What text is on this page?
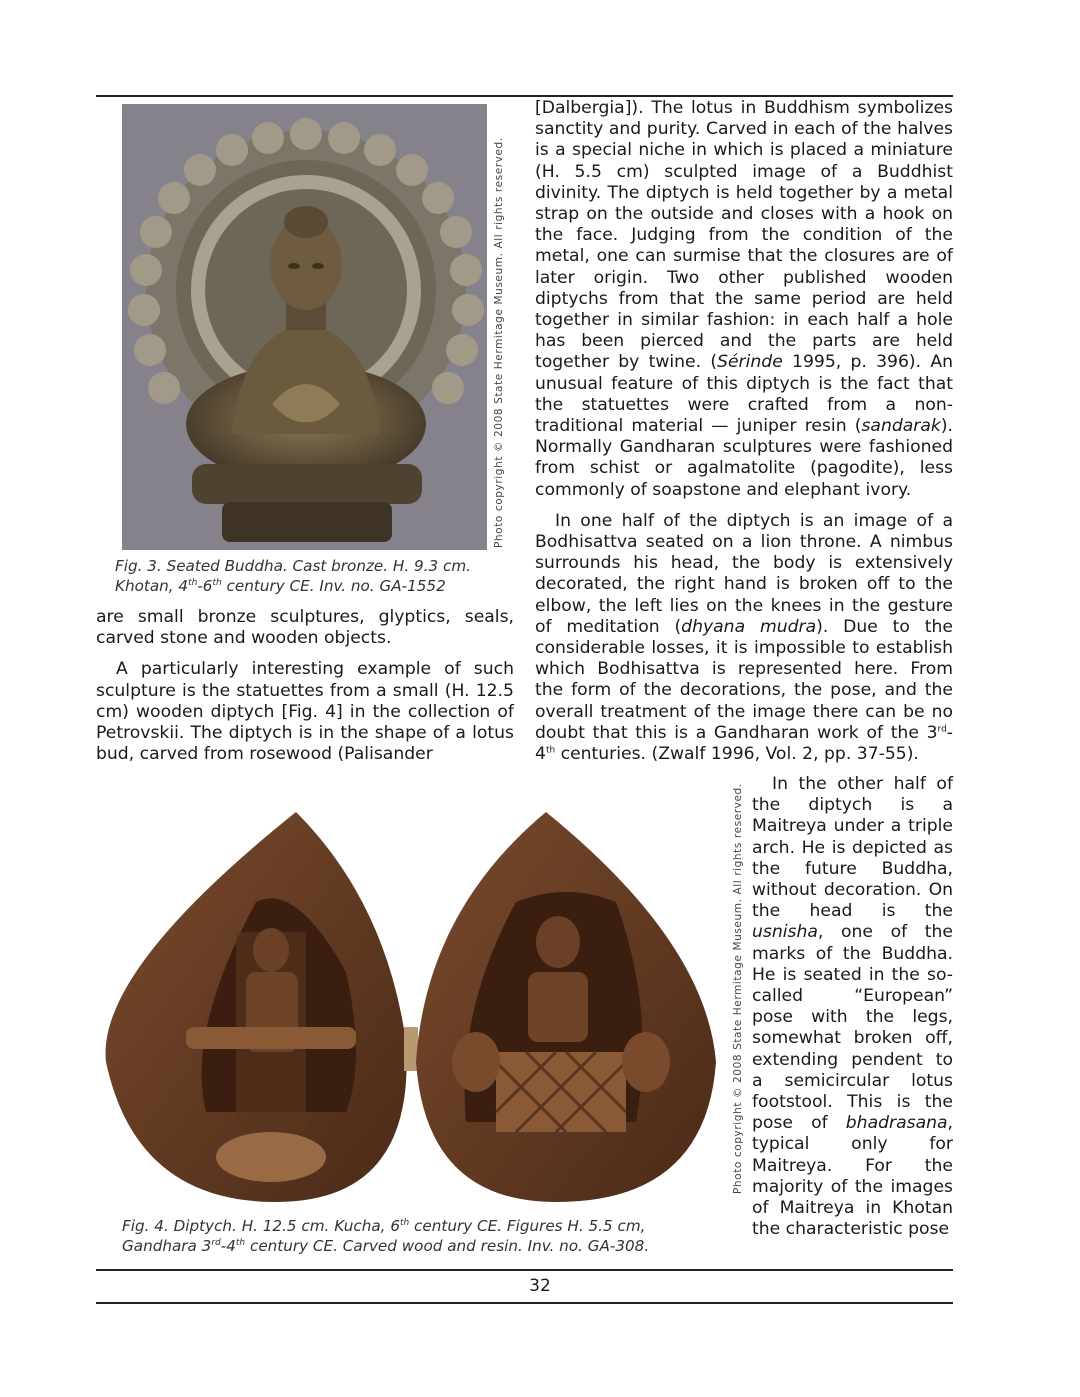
Photo copyright © 2008 State Hermitage Museum. All rights reserved.
Fig. 3. Seated Buddha. Cast bronze. H. 9.3 cm.
Khotan, 4th-6th century CE. Inv. no. GA-1552

are small bronze sculptures, glyptics, seals, carved stone and wooden objects.

A particularly interesting example of such sculpture is the statuettes from a small (H. 12.5 cm) wooden diptych [Fig. 4] in the collection of Petrovskii. The diptych is in the shape of a lotus bud, carved from rosewood (Palisander

[Dalbergia]). The lotus in Buddhism symbolizes sanctity and purity. Carved in each of the halves is a special niche in which is placed a miniature (H. 5.5 cm) sculpted image of a Buddhist divinity. The diptych is held together by a metal strap on the outside and closes with a hook on the face. Judging from the condition of the metal, one can surmise that the closures are of later origin. Two other published wooden diptychs from that the same period are held together in similar fashion: in each half a hole has been pierced and the parts are held together by twine. (Sérinde 1995, p. 396). An unusual feature of this diptych is the fact that the statuettes were crafted from a non-traditional material — juniper resin (sandarak). Normally Gandharan sculptures were fashioned from schist or agalmatolite (pagodite), less commonly of soapstone and elephant ivory.

In one half of the diptych is an image of a Bodhisattva seated on a lion throne. A nimbus surrounds his head, the body is extensively decorated, the right hand is broken off to the elbow, the left lies on the knees in the gesture of meditation (dhyana mudra). Due to the considerable losses, it is impossible to establish which Bodhisattva is represented here. From the form of the decorations, the pose, and the overall treatment of the image there can be no doubt that this is a Gandharan work of the 3rd-4th centuries. (Zwalf 1996, Vol. 2, pp. 37-55).

Photo copyright © 2008 State Hermitage Museum. All rights reserved.
Fig. 4. Diptych. H. 12.5 cm. Kucha, 6th century CE. Figures H. 5.5 cm,
Gandhara 3rd-4th century CE. Carved wood and resin. Inv. no. GA-308.

In the other half of the diptych is a Maitreya under a triple arch. He is depicted as the future Buddha, without decoration. On the head is the usnisha, one of the marks of the Buddha. He is seated in the so-called “European” pose with the legs, somewhat broken off, extending pendent to a semicircular lotus footstool. This is the pose of bhadrasana, typical only for Maitreya. For the majority of the images of Maitreya in Khotan the characteristic pose

32
